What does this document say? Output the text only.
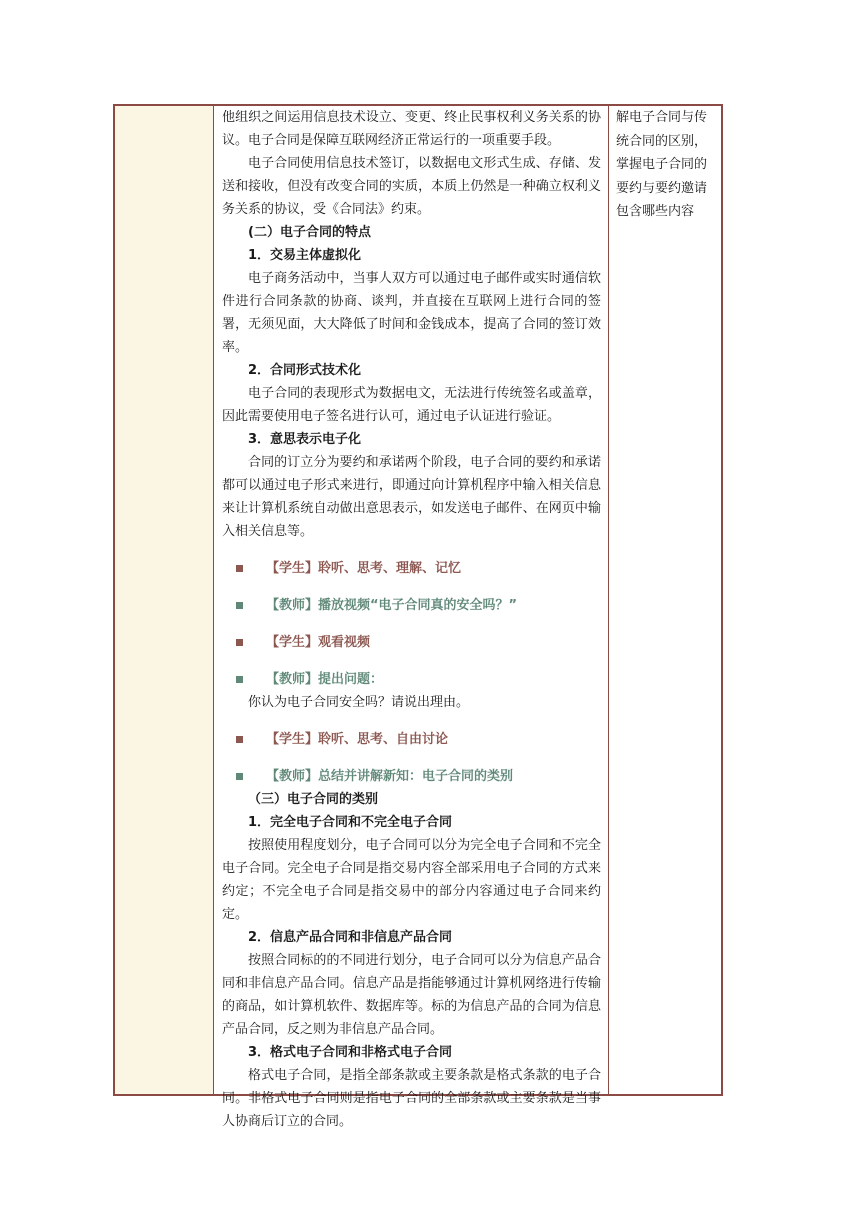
他组织之间运用信息技术设立、变更、终止民事权利义务关系的协议。电子合同是保障互联网经济正常运行的一项重要手段。

电子合同使用信息技术签订，以数据电文形式生成、存储、发送和接收，但没有改变合同的实质，本质上仍然是一种确立权利义务关系的协议，受《合同法》约束。

(二）电子合同的特点

1．交易主体虚拟化

电子商务活动中，当事人双方可以通过电子邮件或实时通信软件进行合同条款的协商、谈判，并直接在互联网上进行合同的签署，无须见面，大大降低了时间和金钱成本，提高了合同的签订效率。

2．合同形式技术化

电子合同的表现形式为数据电文，无法进行传统签名或盖章，因此需要使用电子签名进行认可，通过电子认证进行验证。

3．意思表示电子化

合同的订立分为要约和承诺两个阶段，电子合同的要约和承诺都可以通过电子形式来进行，即通过向计算机程序中输入相关信息来让计算机系统自动做出意思表示，如发送电子邮件、在网页中输入相关信息等。

【学生】聆听、思考、理解、记忆

【教师】播放视频“电子合同真的安全吗？”

【学生】观看视频

【教师】提出问题：

你认为电子合同安全吗？请说出理由。

【学生】聆听、思考、自由讨论

【教师】总结并讲解新知：电子合同的类别

（三）电子合同的类别

1．完全电子合同和不完全电子合同

按照使用程度划分，电子合同可以分为完全电子合同和不完全电子合同。完全电子合同是指交易内容全部采用电子合同的方式来约定；不完全电子合同是指交易中的部分内容通过电子合同来约定。

2．信息产品合同和非信息产品合同

按照合同标的的不同进行划分，电子合同可以分为信息产品合同和非信息产品合同。信息产品是指能够通过计算机网络进行传输的商品，如计算机软件、数据库等。标的为信息产品的合同为信息产品合同，反之则为非信息产品合同。

3．格式电子合同和非格式电子合同

格式电子合同，是指全部条款或主要条款是格式条款的电子合同。非格式电子合同则是指电子合同的全部条款或主要条款是当事人协商后订立的合同。

解电子合同与传统合同的区别，掌握电子合同的要约与要约邀请包含哪些内容
